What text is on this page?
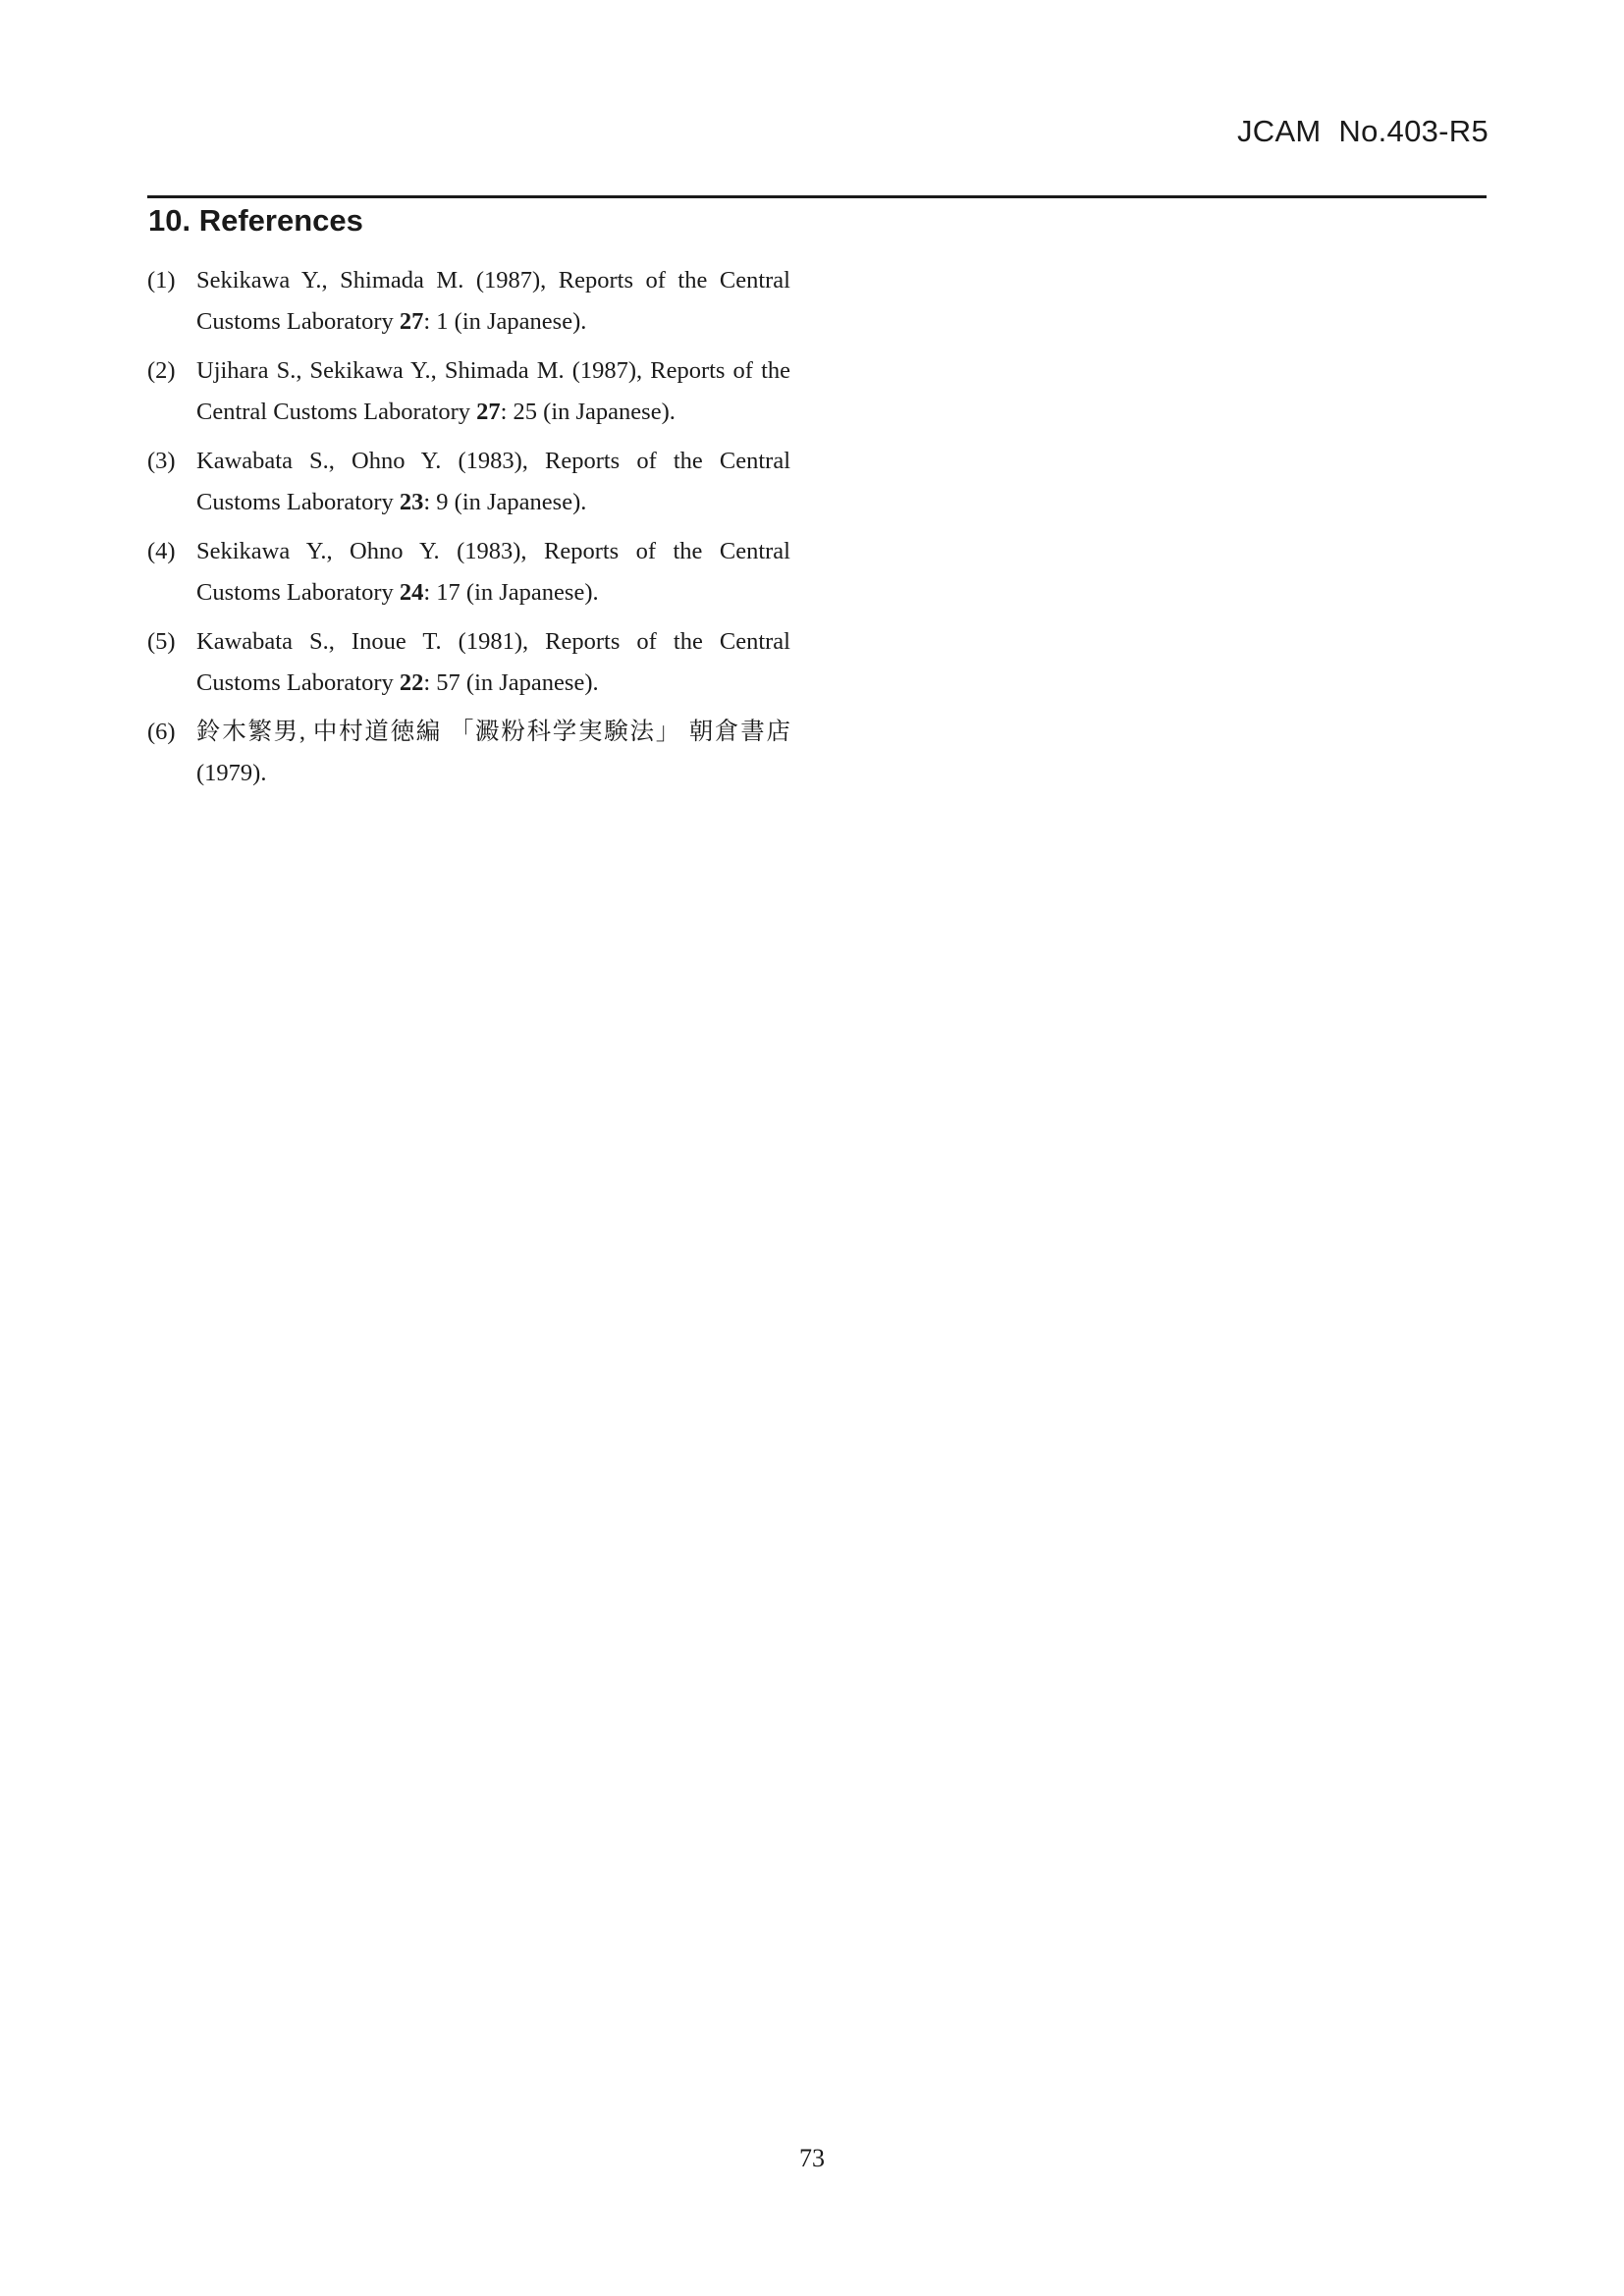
JCAM  No.403-R5
10. References
(1) Sekikawa Y., Shimada M. (1987), Reports of the Central Customs Laboratory 27: 1 (in Japanese).
(2) Ujihara S., Sekikawa Y., Shimada M. (1987), Reports of the Central Customs Laboratory 27: 25 (in Japanese).
(3) Kawabata S., Ohno Y. (1983), Reports of the Central Customs Laboratory 23: 9 (in Japanese).
(4) Sekikawa Y., Ohno Y. (1983), Reports of the Central Customs Laboratory 24: 17 (in Japanese).
(5) Kawabata S., Inoue T. (1981), Reports of the Central Customs Laboratory 22: 57 (in Japanese).
(6) 鈴木繁男, 中村道徳編 「澱粉科学実験法」 朝倉書店 (1979).
73
